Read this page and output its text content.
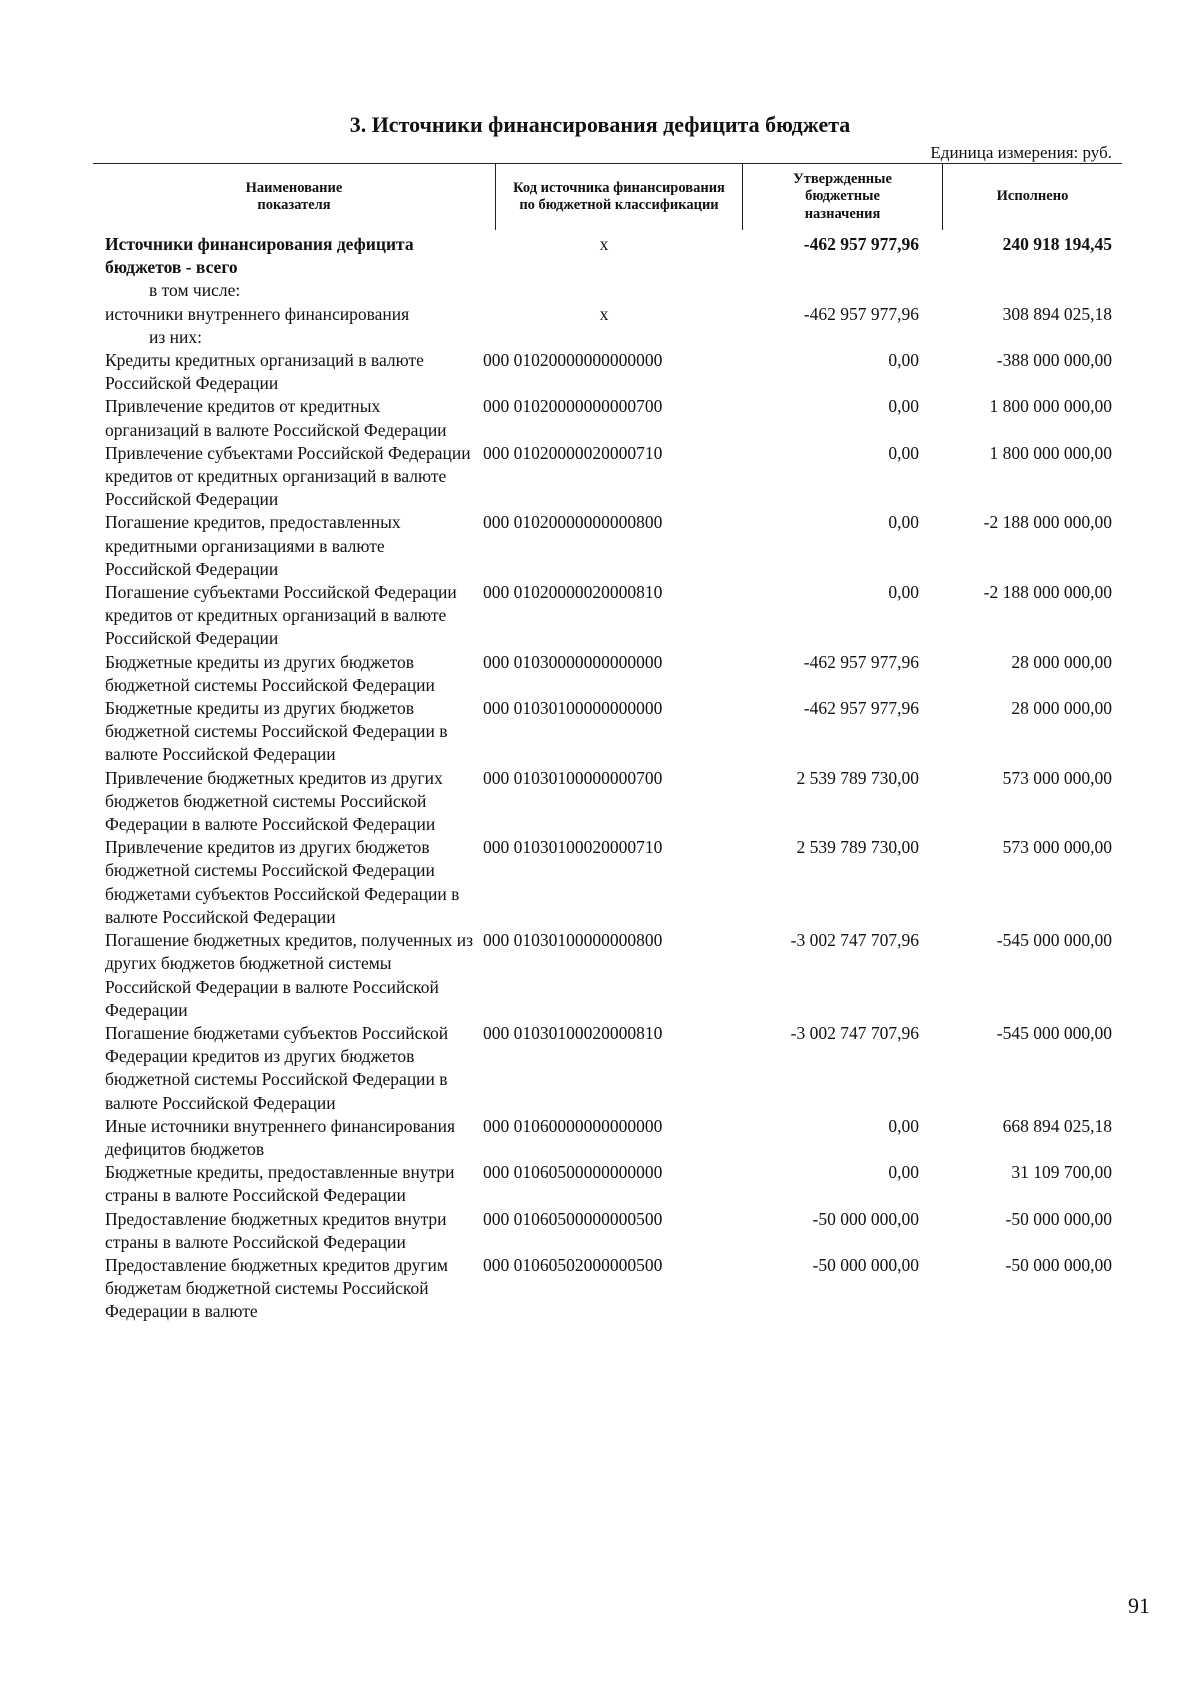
3. Источники финансирования дефицита бюджета
Единица измерения: руб.
Наименование показателя
Код источника финансирования по бюджетной классификации
Утвержденные бюджетные назначения
Исполнено
Источники финансирования дефицита бюджетов - всего
x	-462 957 977,96	240 918 194,45
в том числе:
источники внутреннего финансирования	x	-462 957 977,96	308 894 025,18
из них:
Кредиты кредитных организаций в валюте Российской Федерации
000 01020000000000000	0,00	-388 000 000,00
Привлечение кредитов от кредитных организаций в валюте Российской Федерации
000 01020000000000700	0,00	1 800 000 000,00
Привлечение субъектами Российской Федерации кредитов от кредитных организаций в валюте Российской Федерации
000 01020000020000710	0,00	1 800 000 000,00
Погашение кредитов, предоставленных кредитными организациями в валюте Российской Федерации
000 01020000000000800	0,00	-2 188 000 000,00
Погашение субъектами Российской Федерации кредитов от кредитных организаций в валюте Российской Федерации
000 01020000020000810	0,00	-2 188 000 000,00
Бюджетные кредиты из других бюджетов бюджетной системы Российской Федерации
000 01030000000000000	-462 957 977,96	28 000 000,00
Бюджетные кредиты из других бюджетов бюджетной системы Российской Федерации в валюте Российской Федерации
000 01030100000000000	-462 957 977,96	28 000 000,00
Привлечение бюджетных кредитов из других бюджетов бюджетной системы Российской Федерации в валюте Российской Федерации
000 01030100000000700	2 539 789 730,00	573 000 000,00
Привлечение кредитов из других бюджетов бюджетной системы Российской Федерации бюджетами субъектов Российской Федерации в валюте Российской Федерации
000 01030100020000710	2 539 789 730,00	573 000 000,00
Погашение бюджетных кредитов, полученных из других бюджетов бюджетной системы Российской Федерации в валюте Российской Федерации
000 01030100000000800	-3 002 747 707,96	-545 000 000,00
Погашение бюджетами субъектов Российской Федерации кредитов из других бюджетов бюджетной системы Российской Федерации в валюте Российской Федерации
000 01030100020000810	-3 002 747 707,96	-545 000 000,00
Иные источники внутреннего финансирования дефицитов бюджетов
000 01060000000000000	0,00	668 894 025,18
Бюджетные кредиты, предоставленные внутри страны в валюте Российской Федерации
000 01060500000000000	0,00	31 109 700,00
Предоставление бюджетных кредитов внутри страны в валюте Российской Федерации
000 01060500000000500	-50 000 000,00	-50 000 000,00
Предоставление бюджетных кредитов другим бюджетам бюджетной системы Российской Федерации в валюте
000 01060502000000500	-50 000 000,00	-50 000 000,00
91
